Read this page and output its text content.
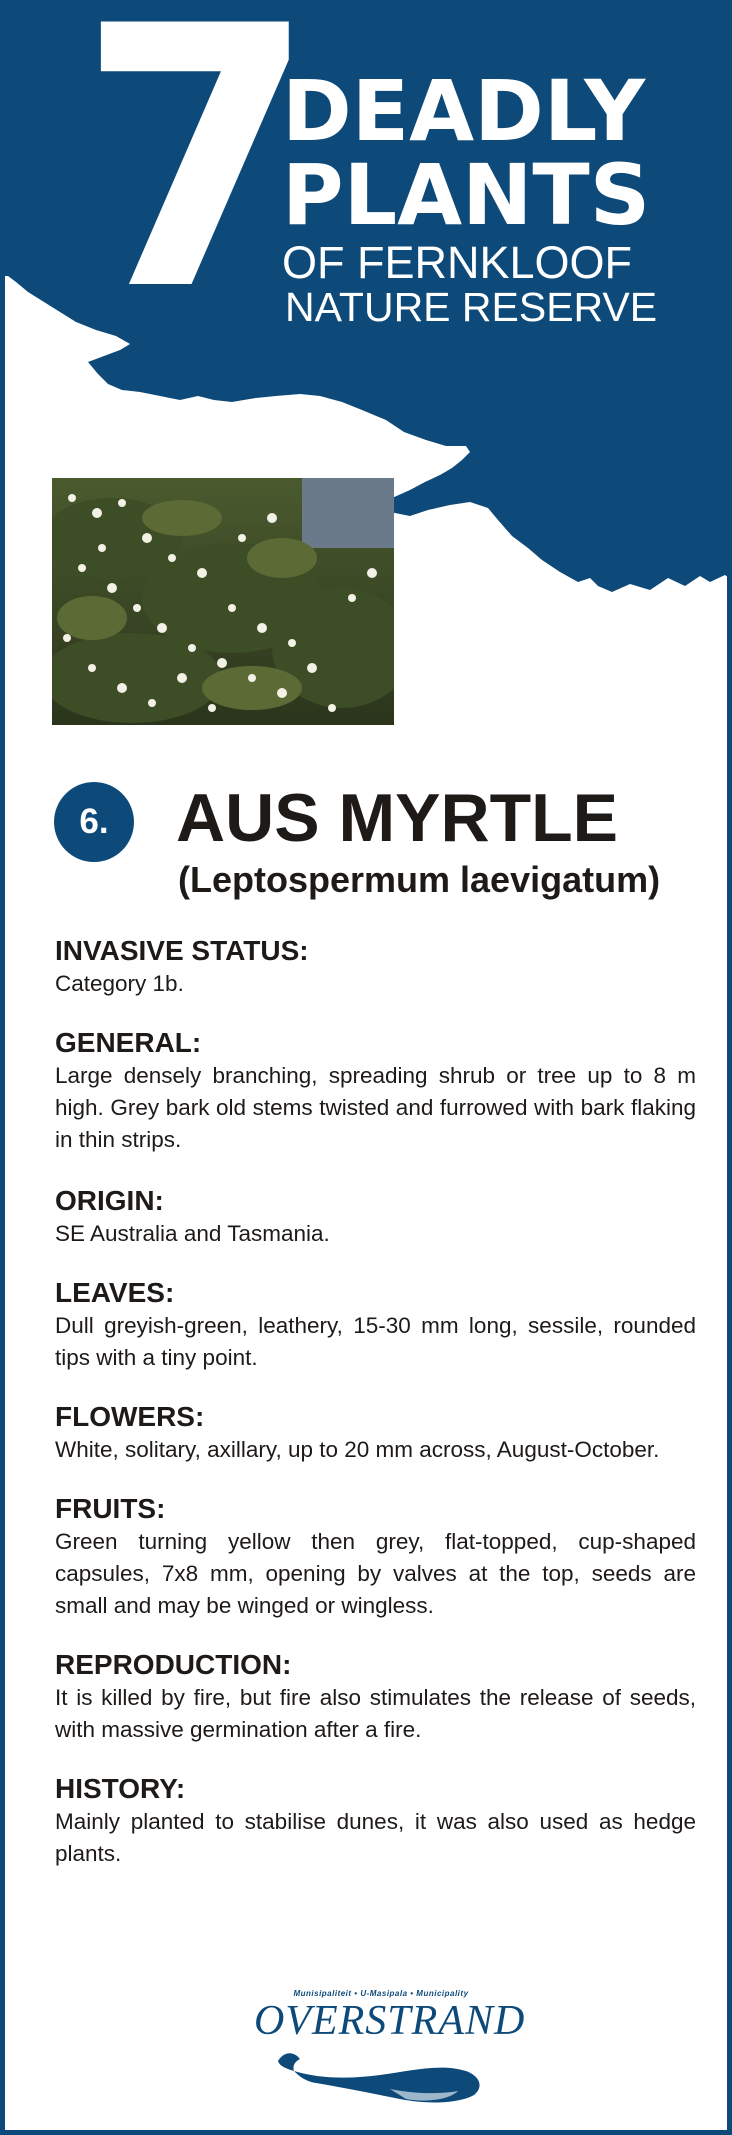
7
DEADLY
PLANTS
OF FERNKLOOF
NATURE RESERVE
6. AUS MYRTLE
(Leptospermum laevigatum)
INVASIVE STATUS:

Category 1b.

GENERAL:

Large densely branching, spreading shrub or tree up to 8 m high. Grey bark old stems twisted and furrowed with bark flaking in thin strips.

ORIGIN:

SE Australia and Tasmania.

LEAVES:

Dull greyish-green, leathery, 15-30 mm long, sessile, rounded tips with a tiny point.

FLOWERS:

White, solitary, axillary, up to 20 mm across, August-October.

FRUITS:

Green turning yellow then grey, flat-topped, cup-shaped capsules, 7x8 mm, opening by valves at the top, seeds are small and may be winged or wingless.

REPRODUCTION:

It is killed by fire, but fire also stimulates the release of seeds, with massive germination after a fire.

HISTORY:

Mainly planted to stabilise dunes, it was also used as hedge plants.

Munisipaliteit • U-Masipala • Municipality
OVERSTRAND
